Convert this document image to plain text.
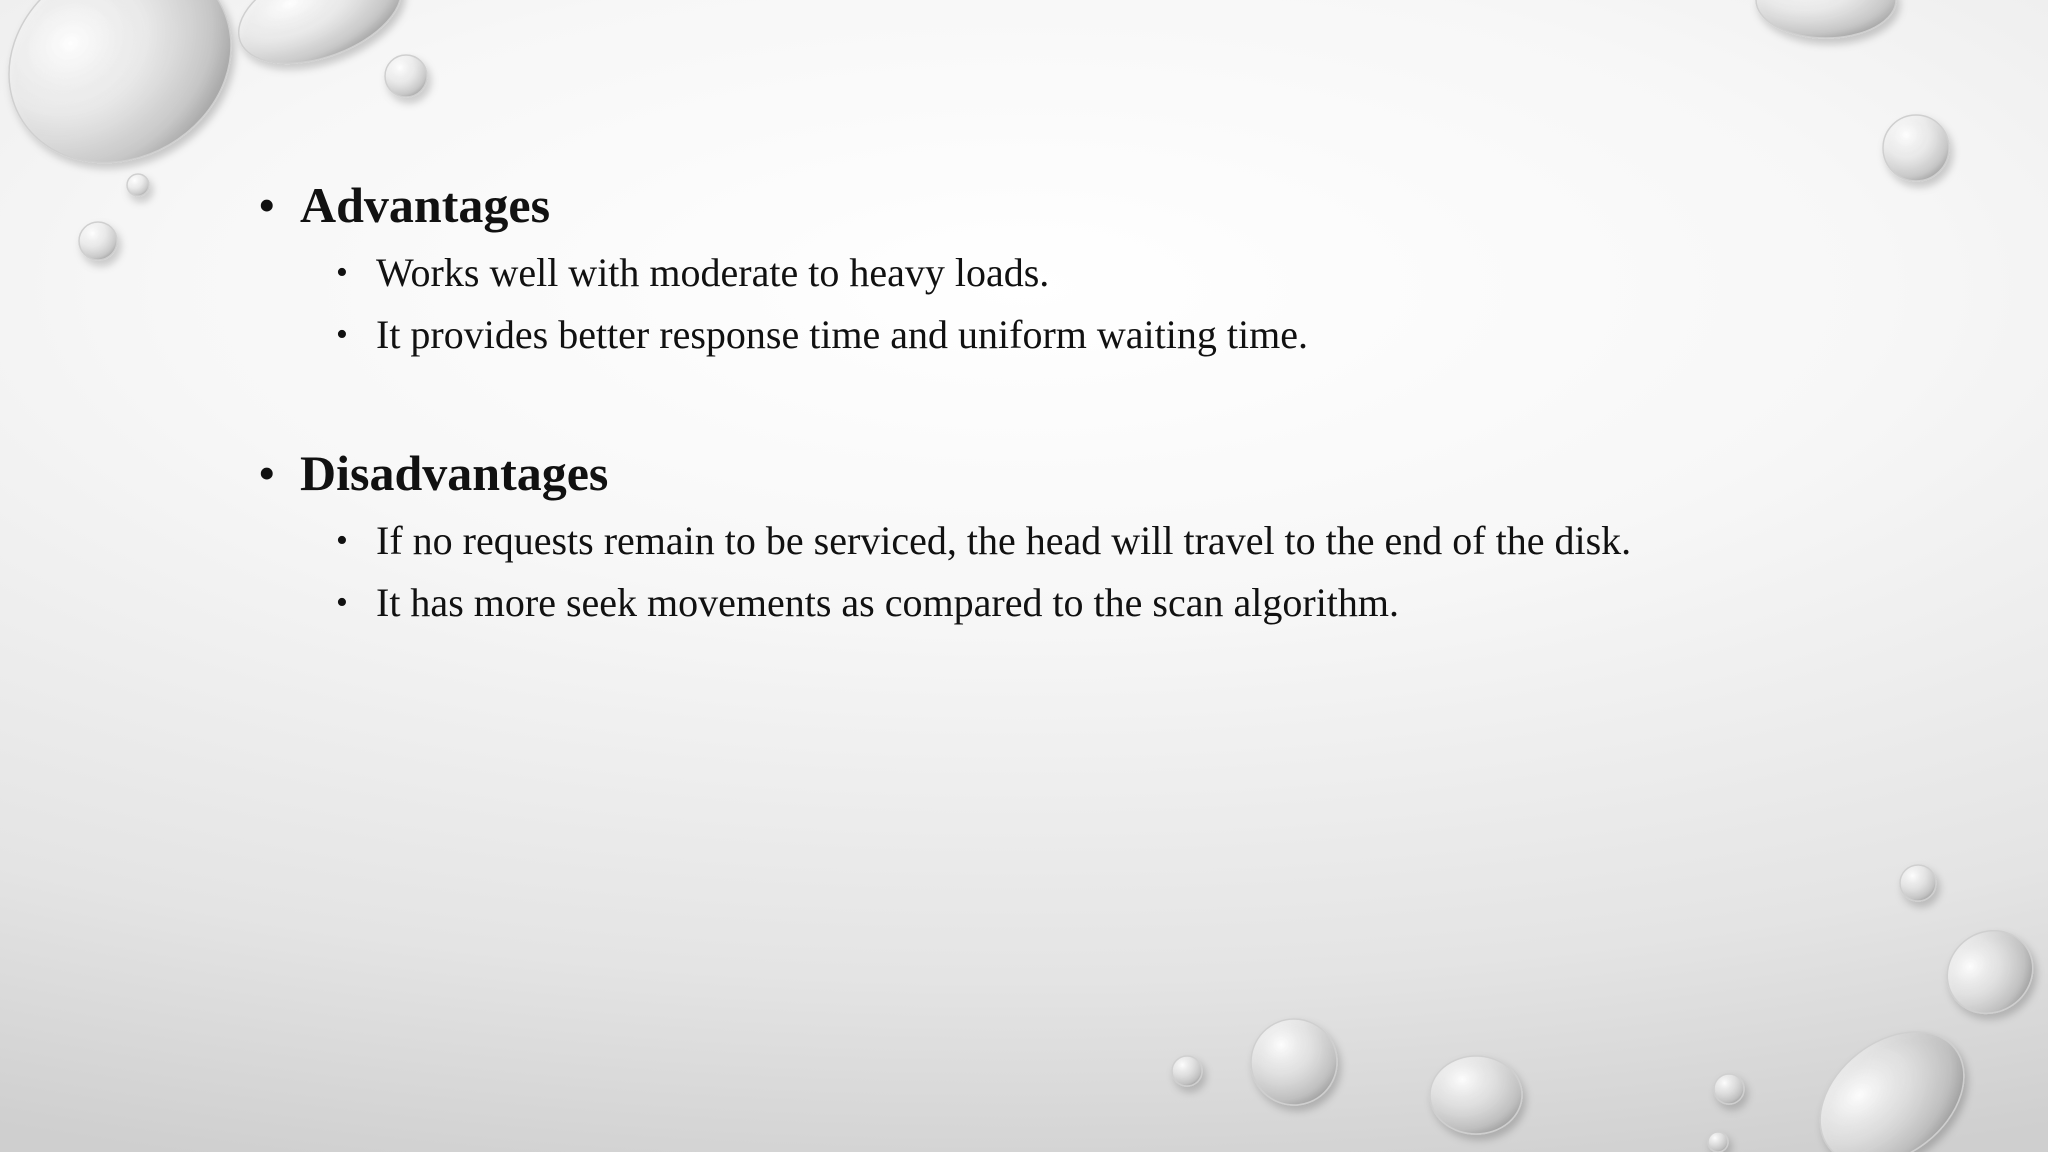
• Advantages
• Works well with moderate to heavy loads.
• It provides better response time and uniform waiting time.
• Disadvantages
• If no requests remain to be serviced, the head will travel to the end of the disk.
• It has more seek movements as compared to the scan algorithm.
